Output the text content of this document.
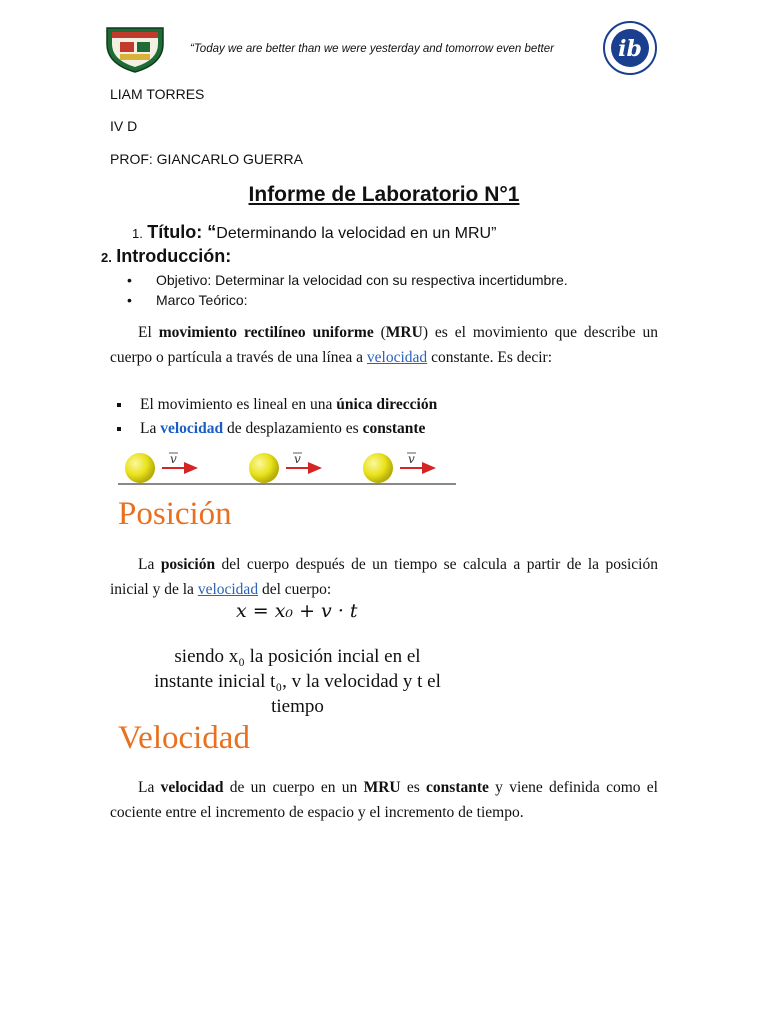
“Today we are better than we were yesterday and tomorrow even better	ib
LIAM TORRES
IV D
PROF: GIANCARLO GUERRA
Informe de Laboratorio N°1
1. Título: “Determinando la velocidad en un MRU”
2. Introducción:
• Objetivo: Determinar la velocidad con su respectiva incertidumbre.
• Marco Teórico:
El movimiento rectilíneo uniforme (MRU) es el movimiento que describe un cuerpo o partícula a través de una línea a velocidad constante. Es decir:
El movimiento es lineal en una única dirección
La velocidad de desplazamiento es constante
v	v	v
Posición
La posición del cuerpo después de un tiempo se calcula a partir de la posición inicial y de la velocidad del cuerpo:
x = x₀ + v · t
siendo x₀ la posición incial en el
instante inicial t₀, v la velocidad y t el
tiempo
Velocidad
La velocidad de un cuerpo en un MRU es constante y viene definida como el cociente entre el incremento de espacio y el incremento de tiempo.
